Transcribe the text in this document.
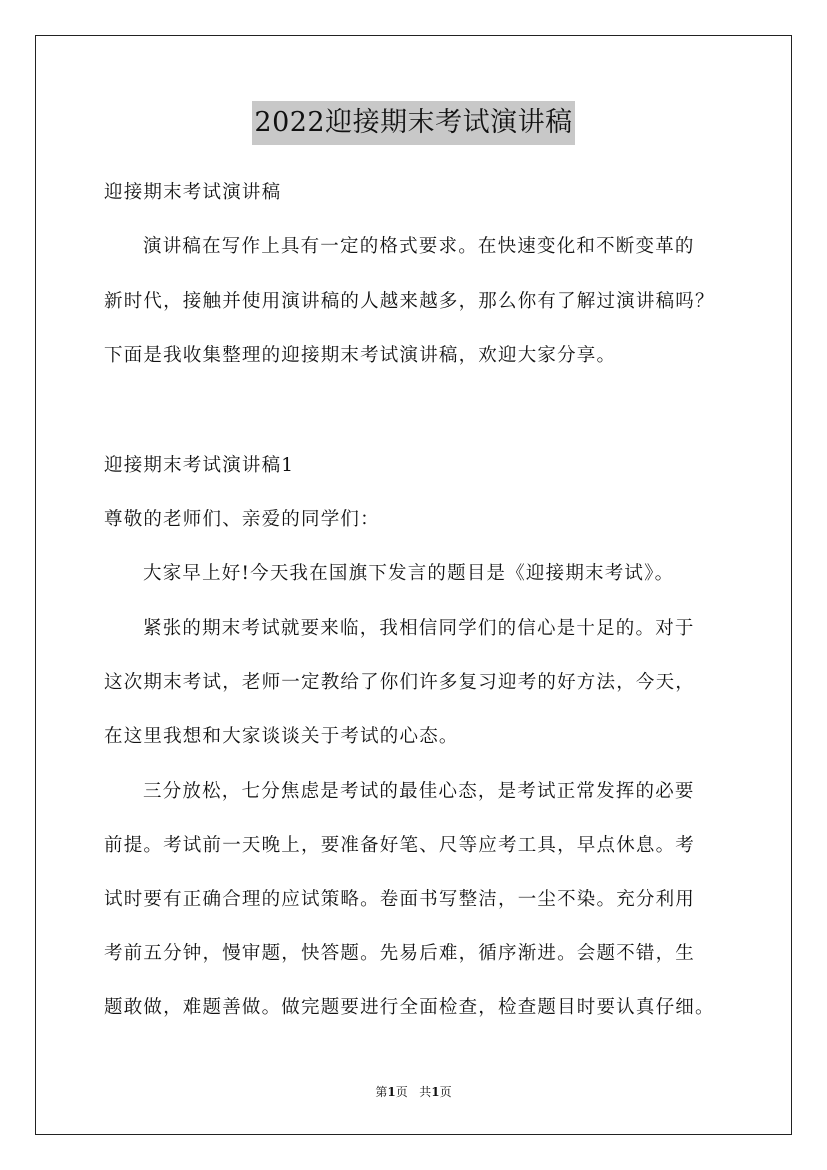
2022迎接期末考试演讲稿
迎接期末考试演讲稿
演讲稿在写作上具有一定的格式要求。在快速变化和不断变革的
新时代，接触并使用演讲稿的人越来越多，那么你有了解过演讲稿吗？
下面是我收集整理的迎接期末考试演讲稿，欢迎大家分享。
迎接期末考试演讲稿1
尊敬的老师们、亲爱的同学们：
大家早上好!今天我在国旗下发言的题目是《迎接期末考试》。
紧张的期末考试就要来临，我相信同学们的信心是十足的。对于
这次期末考试，老师一定教给了你们许多复习迎考的好方法，今天，
在这里我想和大家谈谈关于考试的心态。
三分放松，七分焦虑是考试的最佳心态，是考试正常发挥的必要
前提。考试前一天晚上，要准备好笔、尺等应考工具，早点休息。考
试时要有正确合理的应试策略。卷面书写整洁，一尘不染。充分利用
考前五分钟，慢审题，快答题。先易后难，循序渐进。会题不错，生
题敢做，难题善做。做完题要进行全面检查，检查题目时要认真仔细。
第1页 共1页
